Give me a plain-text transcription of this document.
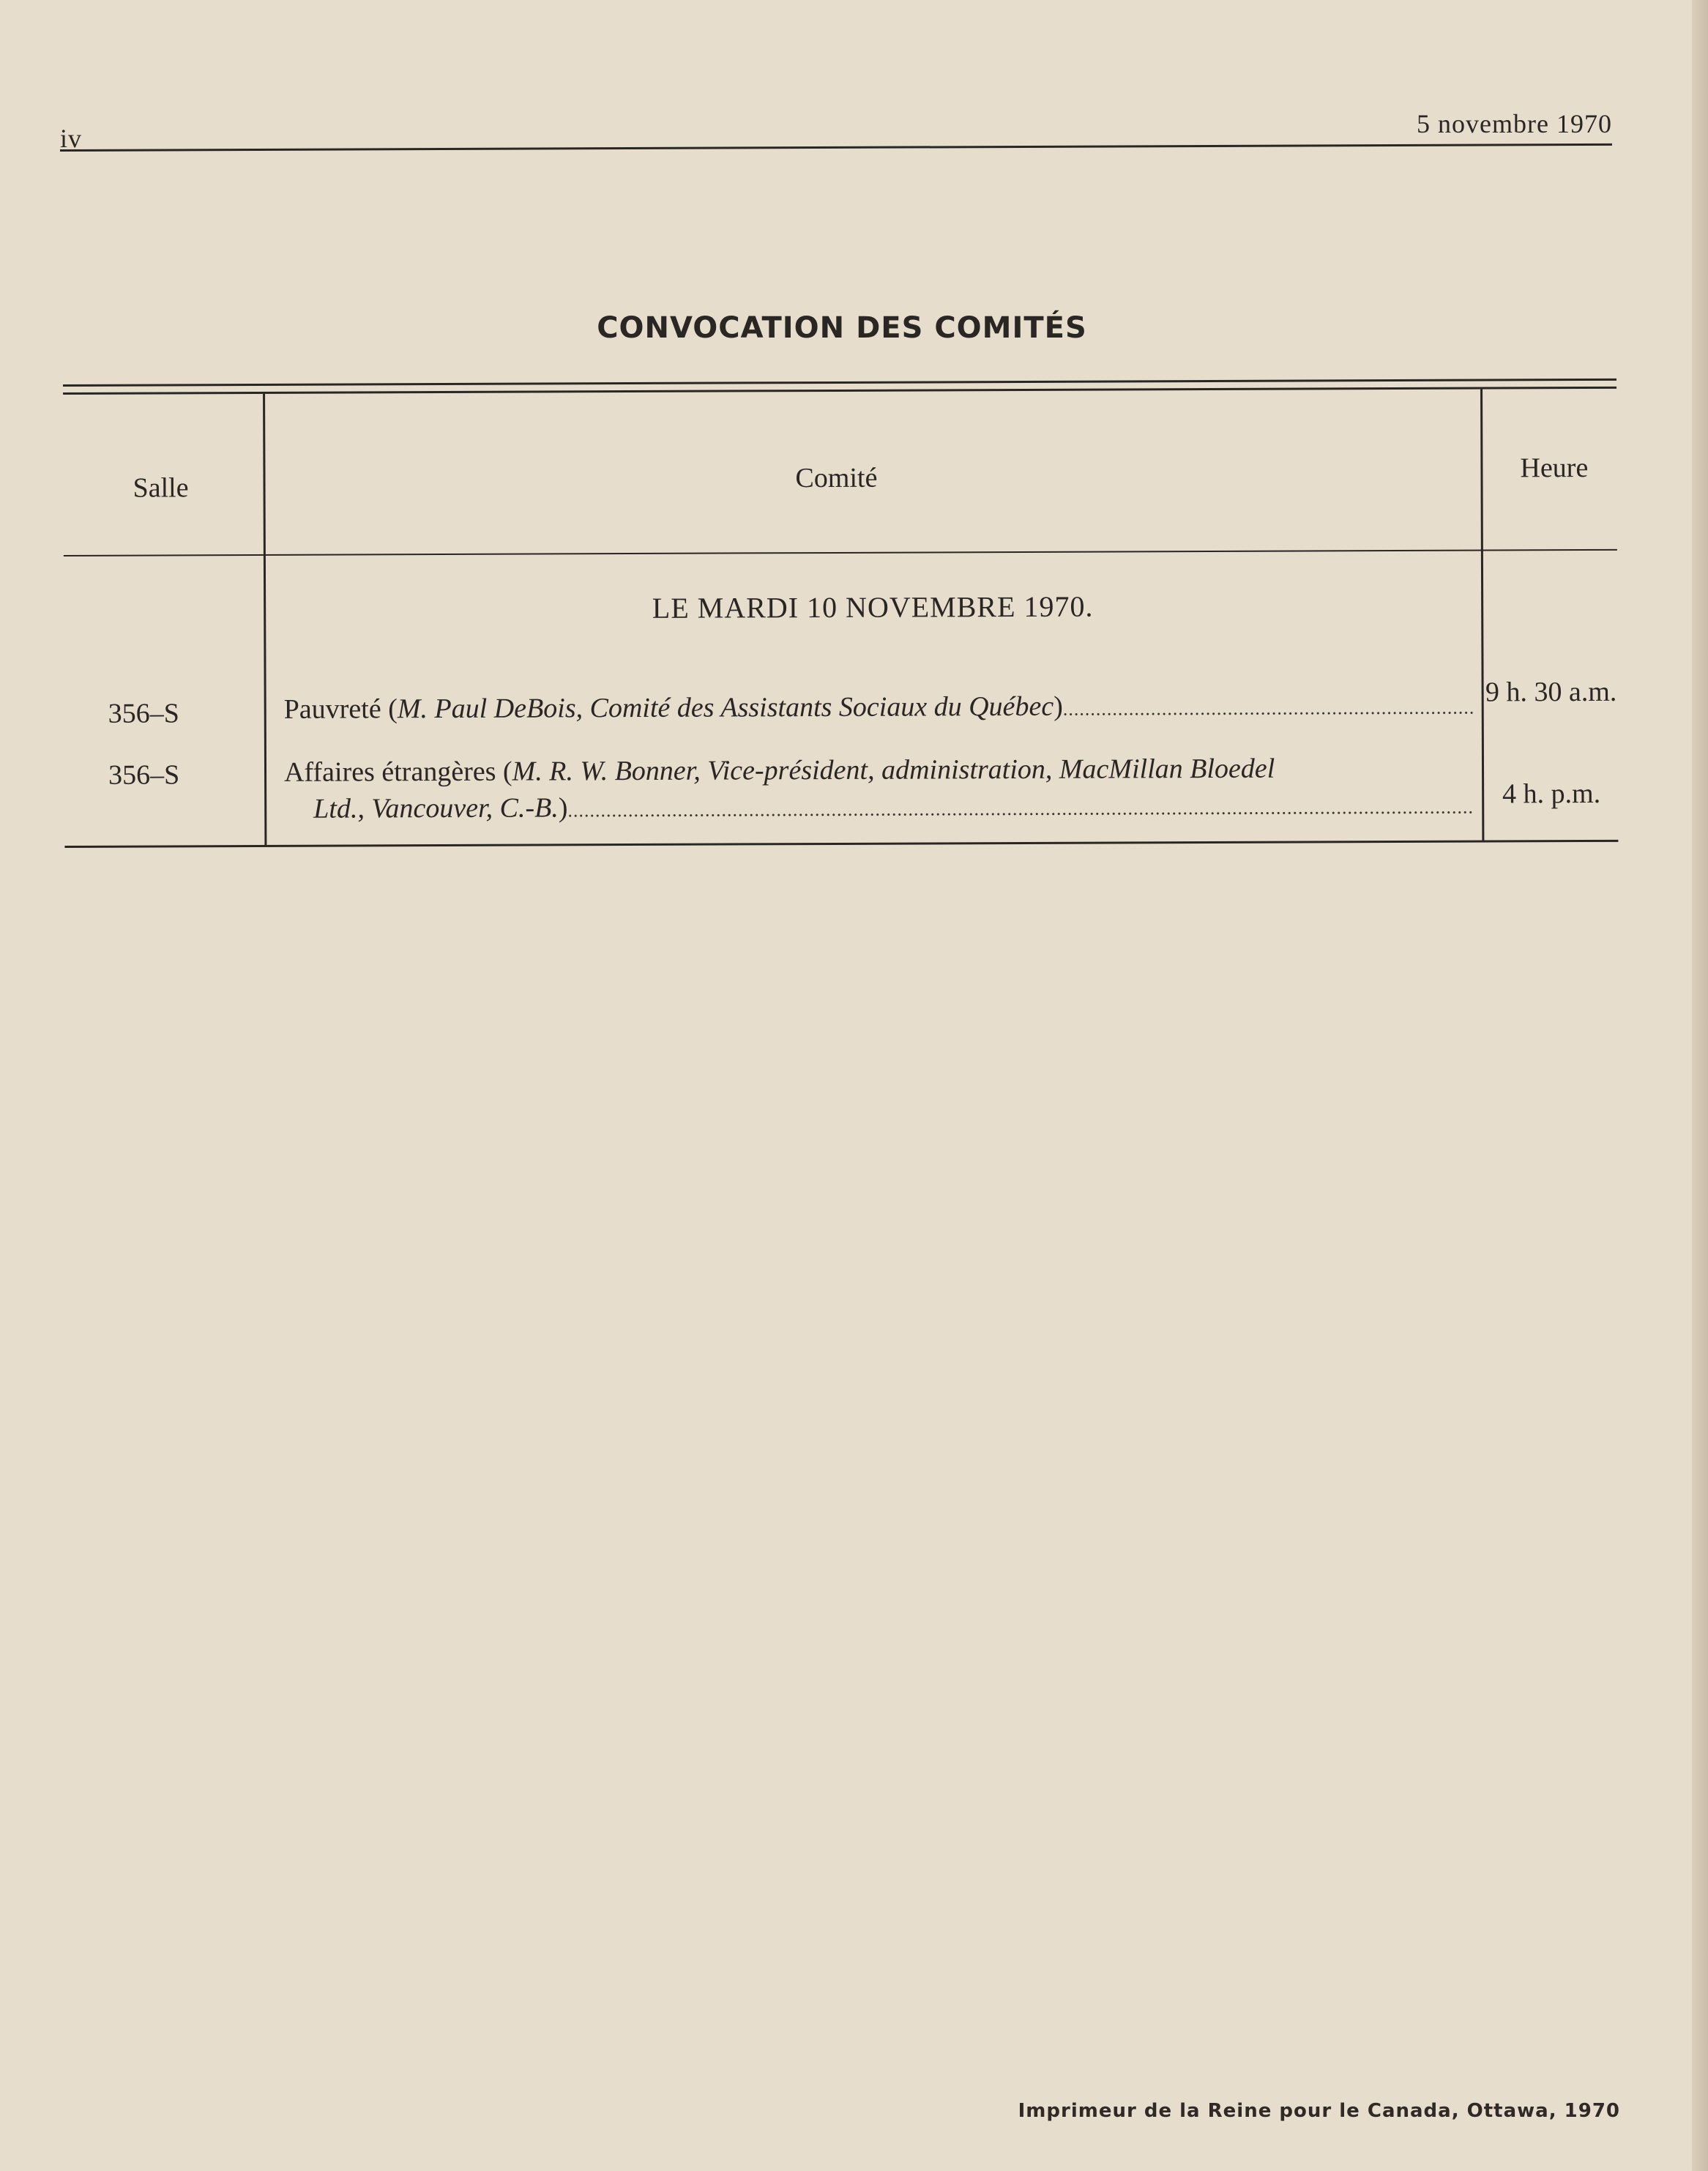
iv	5 novembre 1970
CONVOCATION DES COMITÉS
Salle	Comité	Heure
LE MARDI 10 NOVEMBRE 1970.
356–S	Pauvreté ( M. Paul DeBois, Comité des Assistants Sociaux du Québec ) .....	9 h. 30 a.m.
356–S	Affaires étrangères (M. R. W. Bonner, Vice-président, administration, MacMillan Bloedel
Ltd., Vancouver, C.-B. ) .....	4 h. p.m.
Imprimeur de la Reine pour le Canada, Ottawa, 1970
